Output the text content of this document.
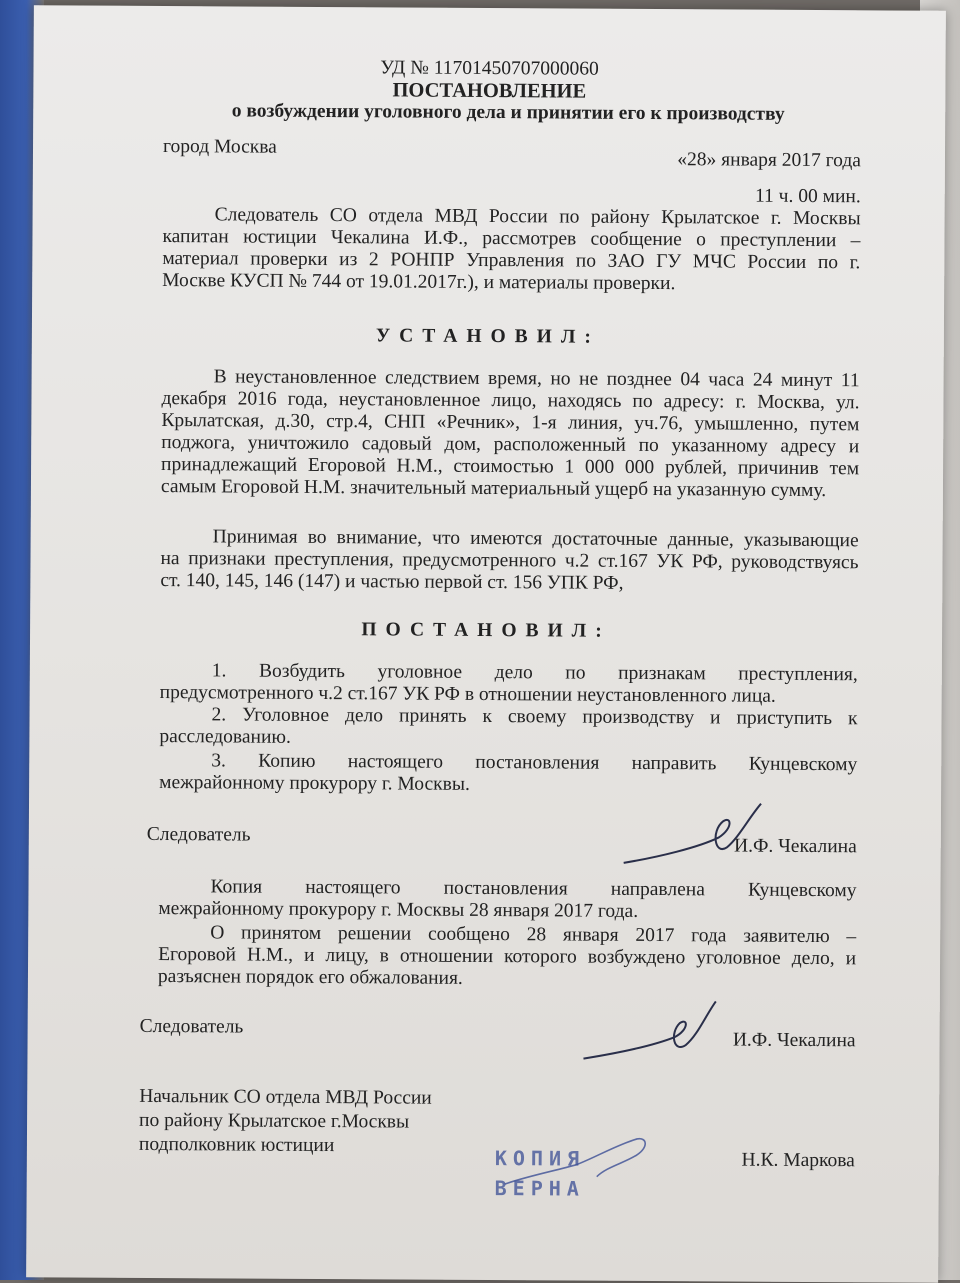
УД № 11701450707000060
ПОСТАНОВЛЕНИЕ
о возбуждении уголовного дела и принятии его к производству
город Москва
«28» января 2017 года
11 ч. 00 мин.
Следователь СО отдела МВД России по району Крылатское г. Москвы
капитан юстиции Чекалина И.Ф., рассмотрев сообщение о преступлении –
материал проверки из 2 РОНПР Управления по ЗАО ГУ МЧС России по г.
Москве КУСП № 744 от 19.01.2017г.), и материалы проверки.
УСТАНОВИЛ:
В неустановленное следствием время, но не позднее 04 часа 24 минут 11
декабря 2016 года, неустановленное лицо, находясь по адресу: г. Москва, ул.
Крылатская, д.30, стр.4, СНП «Речник», 1-я линия, уч.76, умышленно, путем
поджога, уничтожило садовый дом, расположенный по указанному адресу и
принадлежащий Егоровой Н.М., стоимостью 1 000 000 рублей, причинив тем
самым Егоровой Н.М. значительный материальный ущерб на указанную сумму.
Принимая во внимание, что имеются достаточные данные, указывающие
на признаки преступления, предусмотренного ч.2 ст.167 УК РФ, руководствуясь
ст. 140, 145, 146 (147) и частью первой ст. 156 УПК РФ,
ПОСТАНОВИЛ:
1. Возбудить уголовное дело по признакам преступления,
предусмотренного ч.2 ст.167 УК РФ в отношении неустановленного лица.
2. Уголовное дело принять к своему производству и приступить к
расследованию.
3. Копию настоящего постановления направить Кунцевскому
межрайонному прокурору г. Москвы.
Следователь
И.Ф. Чекалина
Копия настоящего постановления направлена Кунцевскому
межрайонному прокурору г. Москвы 28 января 2017 года.
О принятом решении сообщено 28 января 2017 года заявителю –
Егоровой Н.М., и лицу, в отношении которого возбуждено уголовное дело, и
разъяснен порядок его обжалования.
Следователь
И.Ф. Чекалина
Начальник СО отдела МВД России
по району Крылатское г.Москвы
подполковник юстиции
Н.К. Маркова
КОПИЯ
ВЕРНА
